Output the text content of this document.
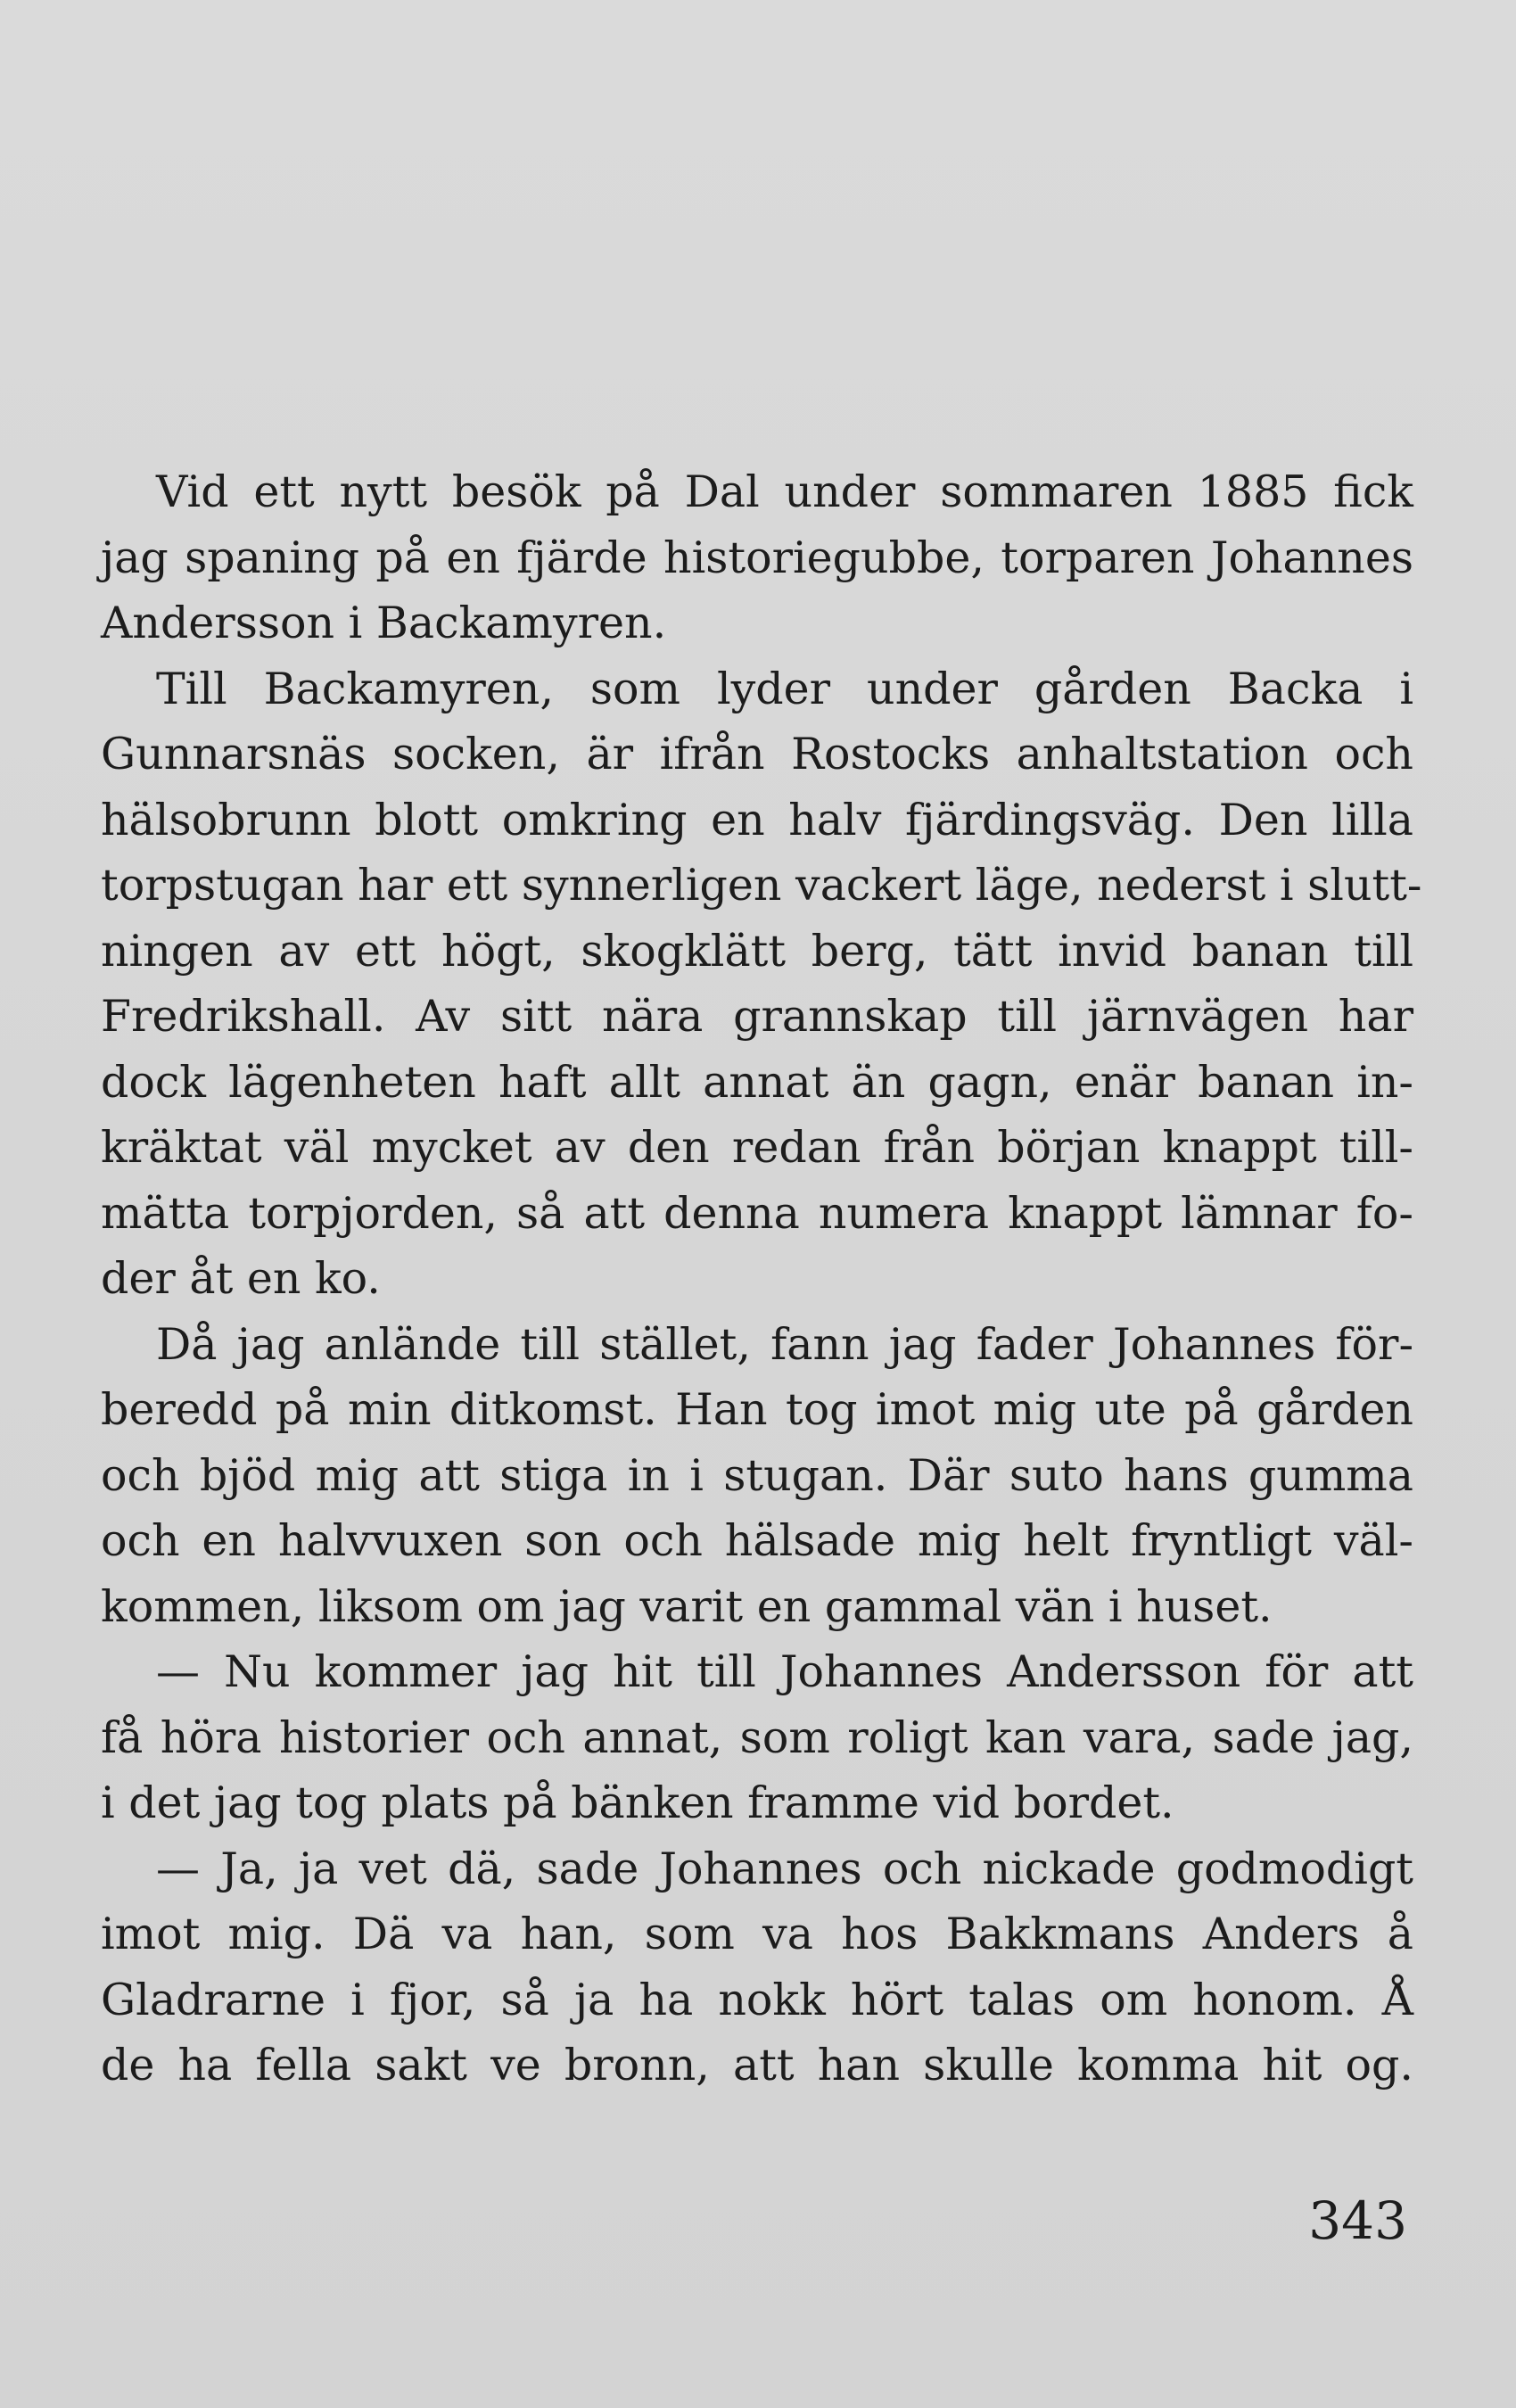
Vid ett nytt besök på Dal under sommaren 1885 fick
jag spaning på en fjärde historiegubbe, torparen Johannes
Andersson i Backamyren.
Till Backamyren, som lyder under gården Backa i
Gunnarsnäs socken, är ifrån Rostocks anhaltstation och
hälsobrunn blott omkring en halv fjärdingsväg. Den lilla
torpstugan har ett synnerligen vackert läge, nederst i slutt-
ningen av ett högt, skogklätt berg, tätt invid banan till
Fredrikshall. Av sitt nära grannskap till järnvägen har
dock lägenheten haft allt annat än gagn, enär banan in-
kräktat väl mycket av den redan från början knappt till-
mätta torpjorden, så att denna numera knappt lämnar fo-
der åt en ko.
Då jag anlände till stället, fann jag fader Johannes för-
beredd på min ditkomst. Han tog imot mig ute på gården
och bjöd mig att stiga in i stugan. Där suto hans gumma
och en halvvuxen son och hälsade mig helt fryntligt väl-
kommen, liksom om jag varit en gammal vän i huset.
— Nu kommer jag hit till Johannes Andersson för att
få höra historier och annat, som roligt kan vara, sade jag,
i det jag tog plats på bänken framme vid bordet.
— Ja, ja vet dä, sade Johannes och nickade godmodigt
imot mig. Dä va han, som va hos Bakkmans Anders å
Gladrarne i fjor, så ja ha nokk hört talas om honom. Å
de ha fella sakt ve bronn, att han skulle komma hit og.
343
